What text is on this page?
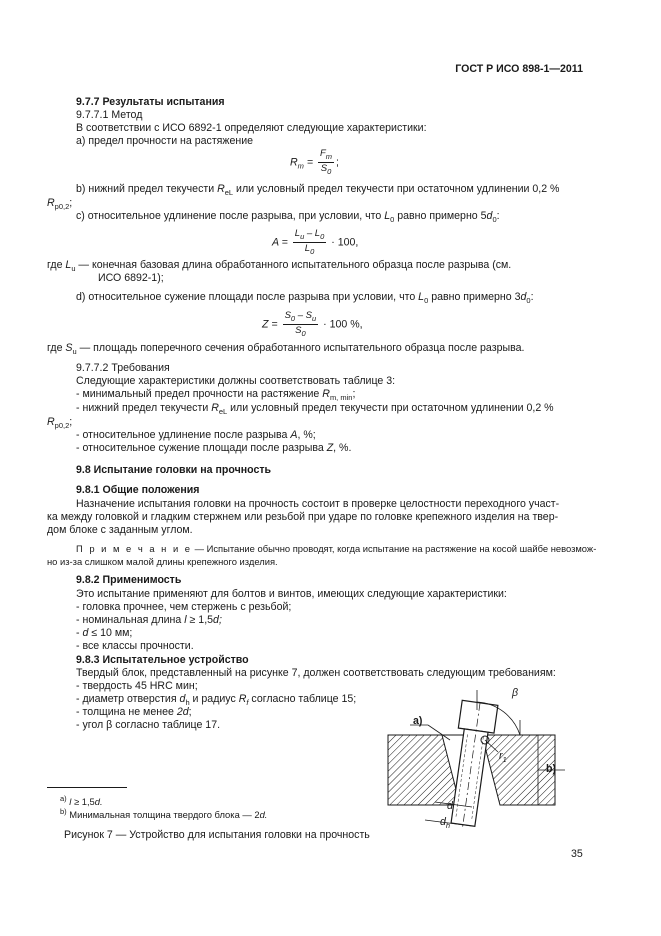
ГОСТ Р ИСО 898-1—2011
9.7.7 Результаты испытания
9.7.7.1 Метод
В соответствии с ИСО 6892-1 определяют следующие характеристики:
а) предел прочности на растяжение
$R_m = \frac{F_m}{S_0}$ ;
b) нижний предел текучести $R_{eL}$ или условный предел текучести при остаточном удлинении 0,2 %
$R_{p0,2}$;
с) относительное удлинение после разрыва, при условии, что $L_0$ равно примерно $5d_0$:
$A = \frac{L_u - L_0}{L_0} \cdot 100$,
где $L_u$ — конечная базовая длина обработанного испытательного образца после разрыва (см.
ИСО 6892-1);
d) относительное сужение площади после разрыва при условии, что $L_0$ равно примерно $3d_0$:
$Z = \frac{S_0 - S_u}{S_0} \cdot 100$ %,
где $S_u$ — площадь поперечного сечения обработанного испытательного образца после разрыва.
9.7.7.2 Требования
Следующие характеристики должны соответствовать таблице 3:
- минимальный предел прочности на растяжение $R_{m, min}$;
- нижний предел текучести $R_{eL}$ или условный предел текучести при остаточном удлинении 0,2 %
$R_{p0,2}$;
- относительное удлинение после разрыва A, %;
- относительное сужение площади после разрыва Z, %.
9.8 Испытание головки на прочность
9.8.1 Общие положения
Назначение испытания головки на прочность состоит в проверке целостности переходного участ-
ка между головкой и гладким стержнем или резьбой при ударе по головке крепежного изделия на твер-
дом блоке с заданным углом.
П р и м е ч а н и е — Испытание обычно проводят, когда испытание на растяжение на косой шайбе невозмож-
но из-за слишком малой длины крепежного изделия.
9.8.2 Применимость
Это испытание применяют для болтов и винтов, имеющих следующие характеристики:
- головка прочнее, чем стержень с резьбой;
- номинальная длина l ≥ 1,5d;
- d ≤ 10 мм;
- все классы прочности.
9.8.3 Испытательное устройство
Твердый блок, представленный на рисунке 7, должен соответствовать следующим требованиям:
- твердость 45 HRC мин;
- диаметр отверстия $d_h$ и радиус $R_f$ согласно таблице 15;
- толщина не менее 2d;
- угол β согласно таблице 17.	a)
b)
β
$r_1$
d
$d_h$
$^{a)}$ l ≥ 1,5d.
$^{b)}$ Минимальная толщина твердого блока — 2d.
Рисунок 7 — Устройство для испытания головки на прочность
35
